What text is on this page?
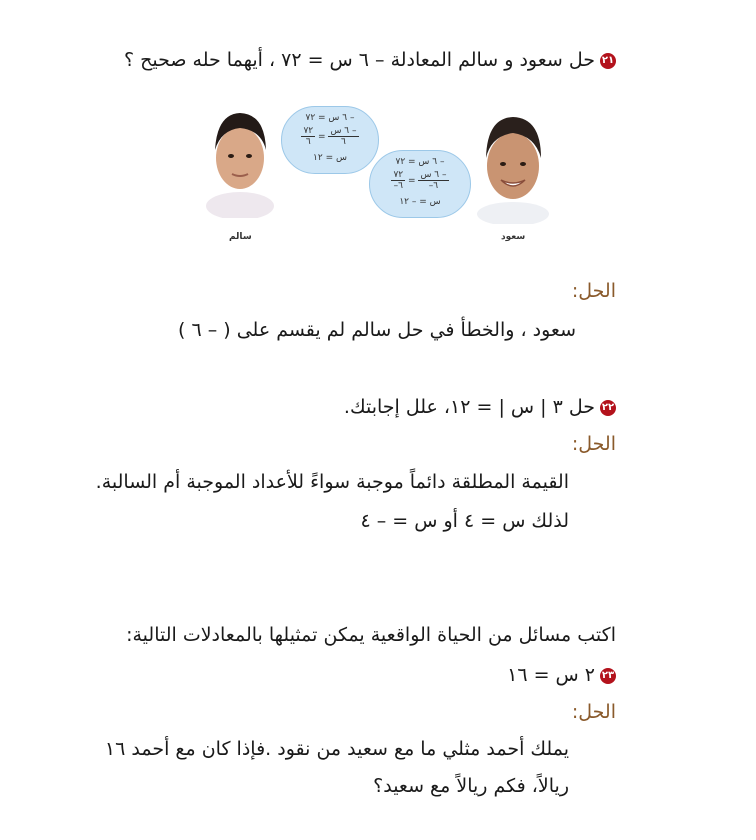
٢١حل سعود و سالم المعادلة – ٦ س = ٧٢ ، أيهما حله صحيح ؟
سالم
– ٦ س = ٧٢
$\frac{\text{– ٦ س}}{٦}$
=
$\frac{٧٢}{٦}$
س = ١٢	– ٦ س = ٧٢
$\frac{\text{– ٦ س}}{٦-}$
=
$\frac{٧٢}{٦-}$
س = – ١٢
سعود
الحل:
سعود ، والخطأ في حل سالم لم يقسم على ( – ٦ )
٢٢حل ٣ | س | = ١٢، علل إجابتك.
الحل:
القيمة المطلقة دائماً موجبة سواءً للأعداد الموجبة أم السالبة.
لذلك س = ٤ أو س = – ٤
اكتب مسائل من الحياة الواقعية يمكن تمثيلها بالمعادلات التالية:
٢٣٢ س = ١٦
الحل:
يملك أحمد مثلي ما مع سعيد من نقود .فإذا كان مع أحمد ١٦
ريالاً، فكم ريالاً مع سعيد؟
